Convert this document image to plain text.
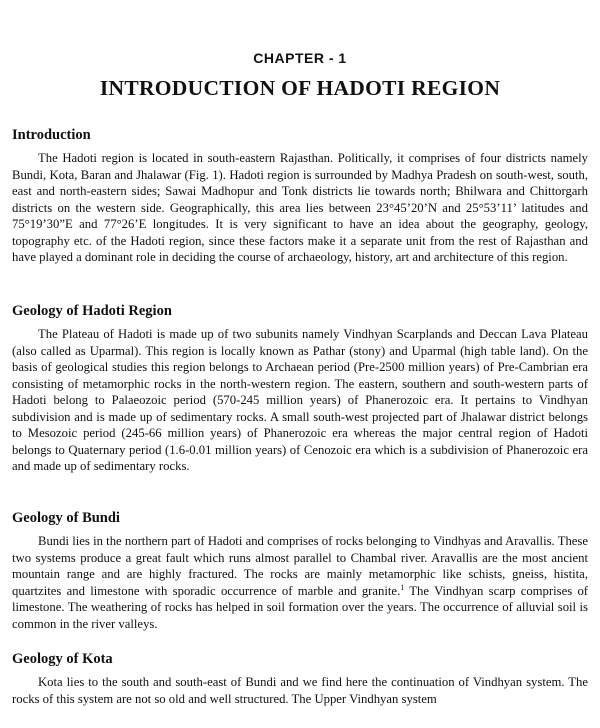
CHAPTER - 1
INTRODUCTION OF HADOTI REGION
Introduction

The Hadoti region is located in south-eastern Rajasthan. Politically, it comprises of four districts namely Bundi, Kota, Baran and Jhalawar (Fig. 1). Hadoti region is surrounded by Madhya Pradesh on south-west, south, east and north-eastern sides; Sawai Madhopur and Tonk districts lie towards north; Bhilwara and Chittorgarh districts on the western side. Geographically, this area lies between 23°45’20’N and 25°53’11’ latitudes and 75°19’30”E and 77°26’E longitudes. It is very significant to have an idea about the geography, geology, topography etc. of the Hadoti region, since these factors make it a separate unit from the rest of Rajasthan and have played a dominant role in deciding the course of archaeology, history, art and architecture of this region.

Geology of Hadoti Region

The Plateau of Hadoti is made up of two subunits namely Vindhyan Scarplands and Deccan Lava Plateau (also called as Uparmal). This region is locally known as Pathar (stony) and Uparmal (high table land). On the basis of geological studies this region belongs to Archaean period (Pre-2500 million years) of Pre-Cambrian era consisting of metamorphic rocks in the north-western region. The eastern, southern and south-western parts of Hadoti belong to Palaeozoic period (570-245 million years) of Phanerozoic era. It pertains to Vindhyan subdivision and is made up of sedimentary rocks. A small south-west projected part of Jhalawar district belongs to Mesozoic period (245-66 million years) of Phanerozoic era whereas the major central region of Hadoti belongs to Quaternary period (1.6-0.01 million years) of Cenozoic era which is a subdivision of Phanerozoic era and made up of sedimentary rocks.

Geology of Bundi

Bundi lies in the northern part of Hadoti and comprises of rocks belonging to Vindhyas and Aravallis. These two systems produce a great fault which runs almost parallel to Chambal river. Aravallis are the most ancient mountain range and are highly fractured. The rocks are mainly metamorphic like schists, gneiss, histita, quartzites and limestone with sporadic occurrence of marble and granite.$^1$ The Vindhyan scarp comprises of limestone. The weathering of rocks has helped in soil formation over the years. The occurrence of alluvial soil is common in the river valleys.

Geology of Kota

Kota lies to the south and south-east of Bundi and we find here the continuation of Vindhyan system. The rocks of this system are not so old and well structured. The Upper Vindhyan system
